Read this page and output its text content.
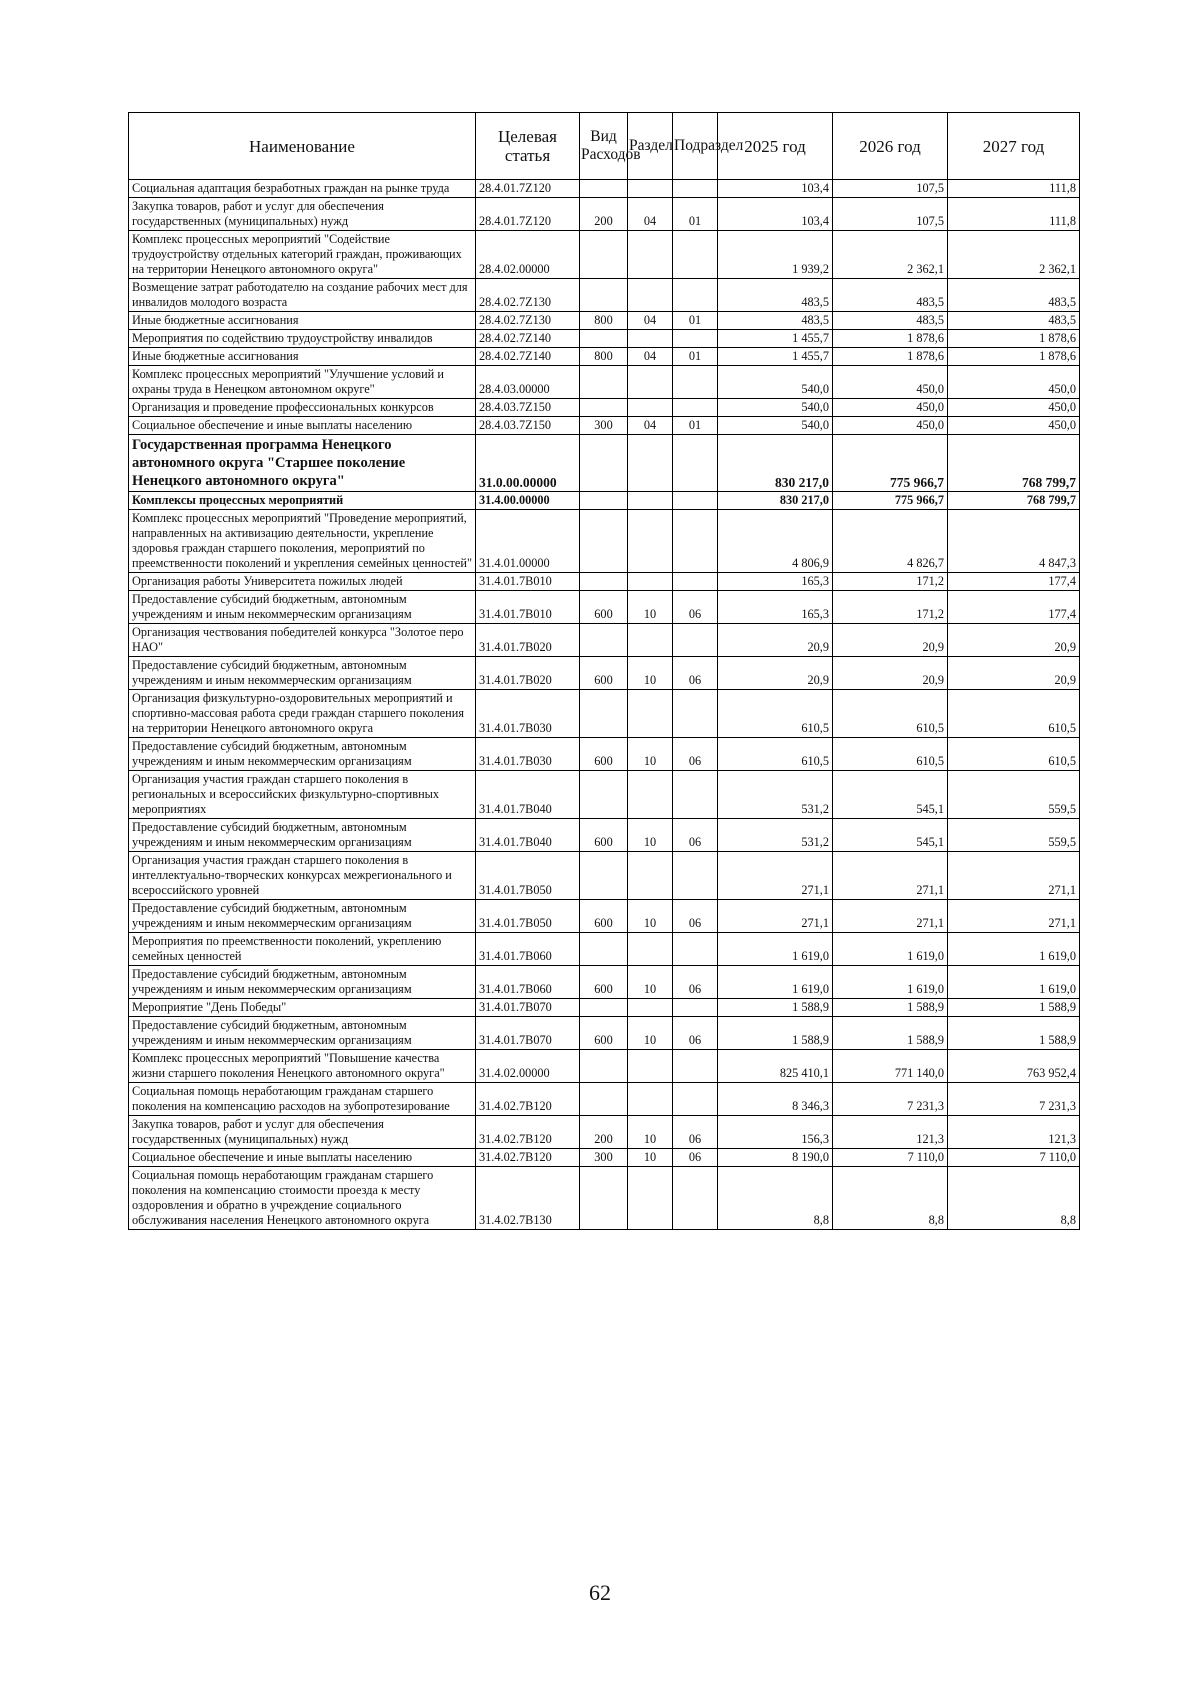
Наименование	Целевая статья	Вид Расходов	Раздел	Подраздел	2025 год	2026 год	2027 год
Социальная адаптация безработных граждан на рынке труда	28.4.01.7Z120				103,4	107,5	111,8
Закупка товаров, работ и услуг для обеспечения государственных (муниципальных) нужд	28.4.01.7Z120	200	04	01	103,4	107,5	111,8
Комплекс процессных мероприятий "Содействие трудоустройству отдельных категорий граждан, проживающих на территории Ненецкого автономного округа"	28.4.02.00000				1 939,2	2 362,1	2 362,1
Возмещение затрат работодателю на создание рабочих мест для инвалидов молодого возраста	28.4.02.7Z130				483,5	483,5	483,5
Иные бюджетные ассигнования	28.4.02.7Z130	800	04	01	483,5	483,5	483,5
Мероприятия по содействию трудоустройству инвалидов	28.4.02.7Z140				1 455,7	1 878,6	1 878,6
Иные бюджетные ассигнования	28.4.02.7Z140	800	04	01	1 455,7	1 878,6	1 878,6
Комплекс процессных мероприятий "Улучшение условий и охраны труда в Ненецком автономном округе"	28.4.03.00000				540,0	450,0	450,0
Организация и проведение профессиональных конкурсов	28.4.03.7Z150				540,0	450,0	450,0
Социальное обеспечение и иные выплаты населению	28.4.03.7Z150	300	04	01	540,0	450,0	450,0
Государственная программа Ненецкого автономного округа "Старшее поколение Ненецкого автономного округа"	31.0.00.00000				830 217,0	775 966,7	768 799,7
Комплексы процессных мероприятий	31.4.00.00000				830 217,0	775 966,7	768 799,7
Комплекс процессных мероприятий "Проведение мероприятий, направленных на активизацию деятельности, укрепление здоровья граждан старшего поколения, мероприятий по преемственности поколений и укрепления семейных ценностей"	31.4.01.00000				4 806,9	4 826,7	4 847,3
Организация работы Университета пожилых людей	31.4.01.7В010				165,3	171,2	177,4
Предоставление субсидий бюджетным, автономным учреждениям и иным некоммерческим организациям	31.4.01.7В010	600	10	06	165,3	171,2	177,4
Организация чествования победителей конкурса "Золотое перо НАО"	31.4.01.7В020				20,9	20,9	20,9
Предоставление субсидий бюджетным, автономным учреждениям и иным некоммерческим организациям	31.4.01.7В020	600	10	06	20,9	20,9	20,9
Организация физкультурно-оздоровительных мероприятий и спортивно-массовая работа среди граждан старшего поколения на территории Ненецкого автономного округа	31.4.01.7В030				610,5	610,5	610,5
Предоставление субсидий бюджетным, автономным учреждениям и иным некоммерческим организациям	31.4.01.7В030	600	10	06	610,5	610,5	610,5
Организация участия граждан старшего поколения в региональных и всероссийских физкультурно-спортивных мероприятиях	31.4.01.7В040				531,2	545,1	559,5
Предоставление субсидий бюджетным, автономным учреждениям и иным некоммерческим организациям	31.4.01.7В040	600	10	06	531,2	545,1	559,5
Организация участия граждан старшего поколения в интеллектуально-творческих конкурсах межрегионального и всероссийского уровней	31.4.01.7В050				271,1	271,1	271,1
Предоставление субсидий бюджетным, автономным учреждениям и иным некоммерческим организациям	31.4.01.7В050	600	10	06	271,1	271,1	271,1
Мероприятия по преемственности поколений, укреплению семейных ценностей	31.4.01.7В060				1 619,0	1 619,0	1 619,0
Предоставление субсидий бюджетным, автономным учреждениям и иным некоммерческим организациям	31.4.01.7В060	600	10	06	1 619,0	1 619,0	1 619,0
Мероприятие "День Победы"	31.4.01.7В070				1 588,9	1 588,9	1 588,9
Предоставление субсидий бюджетным, автономным учреждениям и иным некоммерческим организациям	31.4.01.7В070	600	10	06	1 588,9	1 588,9	1 588,9
Комплекс процессных мероприятий "Повышение качества жизни старшего поколения Ненецкого автономного округа"	31.4.02.00000				825 410,1	771 140,0	763 952,4
Социальная помощь неработающим гражданам старшего поколения на компенсацию расходов на зубопротезирование	31.4.02.7В120				8 346,3	7 231,3	7 231,3
Закупка товаров, работ и услуг для обеспечения государственных (муниципальных) нужд	31.4.02.7В120	200	10	06	156,3	121,3	121,3
Социальное обеспечение и иные выплаты населению	31.4.02.7В120	300	10	06	8 190,0	7 110,0	7 110,0
Социальная помощь неработающим гражданам старшего поколения на компенсацию стоимости проезда к месту оздоровления и обратно в учреждение социального обслуживания населения Ненецкого автономного округа	31.4.02.7В130				8,8	8,8	8,8
62
